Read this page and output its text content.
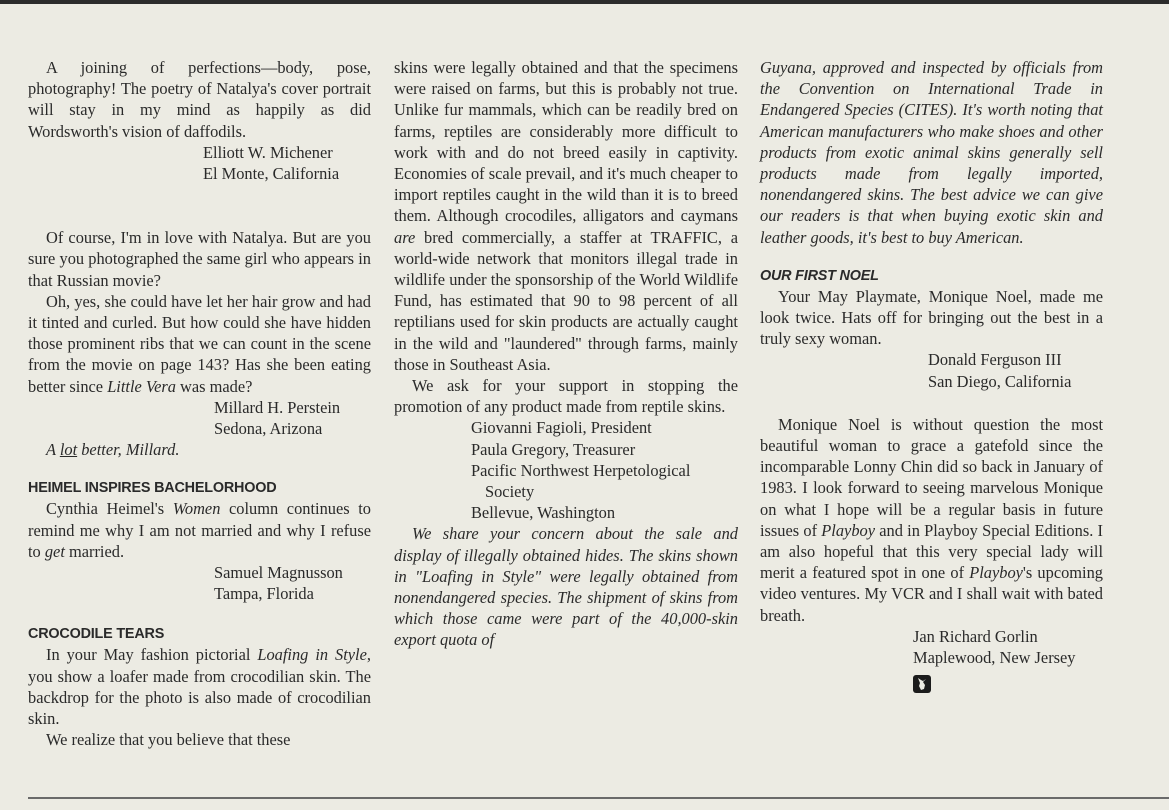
A joining of perfections—body, pose, photography! The poetry of Natalya's cover portrait will stay in my mind as happily as did Wordsworth's vision of daffodils.

Elliott W. Michener
El Monte, California

Of course, I'm in love with Natalya. But are you sure you photographed the same girl who appears in that Russian movie?

Oh, yes, she could have let her hair grow and had it tinted and curled. But how could she have hidden those prominent ribs that we can count in the scene from the movie on page 143? Has she been eating better since Little Vera was made?

Millard H. Perstein
Sedona, Arizona

A lot better, Millard.

HEIMEL INSPIRES BACHELORHOOD

Cynthia Heimel's Women column continues to remind me why I am not married and why I refuse to get married.

Samuel Magnusson
Tampa, Florida
CROCODILE TEARS

In your May fashion pictorial Loafing in Style, you show a loafer made from crocodilian skin. The backdrop for the photo is also made of crocodilian skin.

We realize that you believe that these

skins were legally obtained and that the specimens were raised on farms, but this is probably not true. Unlike fur mammals, which can be readily bred on farms, reptiles are considerably more difficult to work with and do not breed easily in captivity. Economies of scale prevail, and it's much cheaper to import reptiles caught in the wild than it is to breed them. Although crocodiles, alligators and caymans are bred commercially, a staffer at TRAFFIC, a world-wide network that monitors illegal trade in wildlife under the sponsorship of the World Wildlife Fund, has estimated that 90 to 98 percent of all reptilians used for skin products are actually caught in the wild and "laundered" through farms, mainly those in Southeast Asia.

We ask for your support in stopping the promotion of any product made from reptile skins.

Giovanni Fagioli, President
Paula Gregory, Treasurer
Pacific Northwest Herpetological
Society
Bellevue, Washington

We share your concern about the sale and display of illegally obtained hides. The skins shown in "Loafing in Style" were legally obtained from nonendangered species. The shipment of skins from which those came were part of the 40,000-skin export quota of

Guyana, approved and inspected by officials from the Convention on International Trade in Endangered Species (CITES). It's worth noting that American manufacturers who make shoes and other products from exotic animal skins generally sell products made from legally imported, nonendangered skins. The best advice we can give our readers is that when buying exotic skin and leather goods, it's best to buy American.

OUR FIRST NOEL

Your May Playmate, Monique Noel, made me look twice. Hats off for bringing out the best in a truly sexy woman.

Donald Ferguson III
San Diego, California

Monique Noel is without question the most beautiful woman to grace a gatefold since the incomparable Lonny Chin did so back in January of 1983. I look forward to seeing marvelous Monique on what I hope will be a regular basis in future issues of Playboy and in Playboy Special Editions. I am also hopeful that this very special lady will merit a featured spot in one of Playboy's upcoming video ventures. My VCR and I shall wait with bated breath.

Jan Richard Gorlin
Maplewood, New Jersey
